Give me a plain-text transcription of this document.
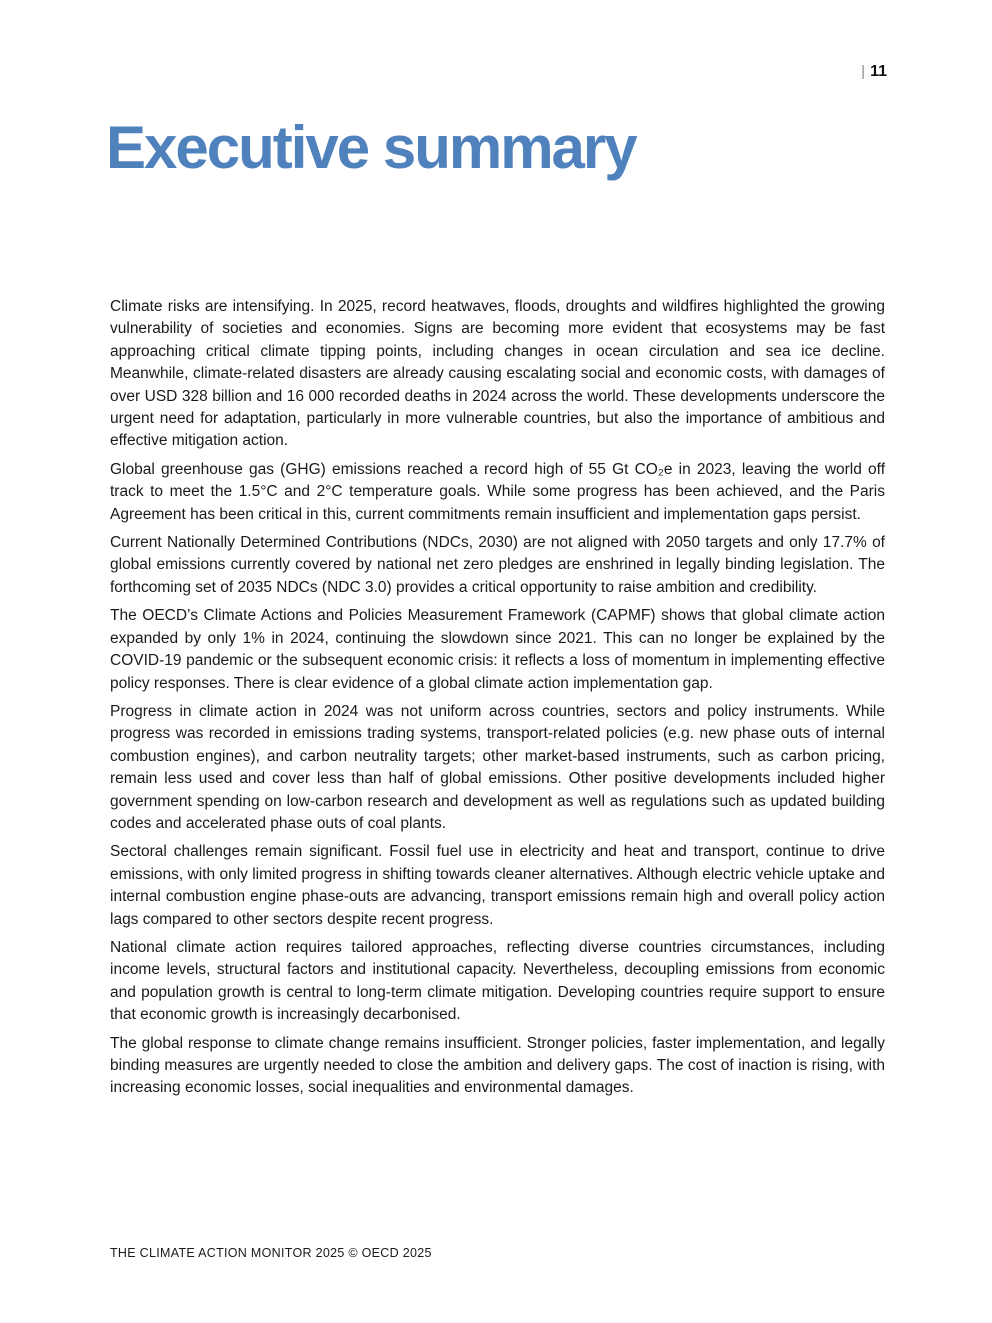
| 11
Executive summary

Climate risks are intensifying. In 2025, record heatwaves, floods, droughts and wildfires highlighted the growing vulnerability of societies and economies. Signs are becoming more evident that ecosystems may be fast approaching critical climate tipping points, including changes in ocean circulation and sea ice decline. Meanwhile, climate-related disasters are already causing escalating social and economic costs, with damages of over USD 328 billion and 16 000 recorded deaths in 2024 across the world. These developments underscore the urgent need for adaptation, particularly in more vulnerable countries, but also the importance of ambitious and effective mitigation action.

Global greenhouse gas (GHG) emissions reached a record high of 55 Gt CO₂e in 2023, leaving the world off track to meet the 1.5°C and 2°C temperature goals. While some progress has been achieved, and the Paris Agreement has been critical in this, current commitments remain insufficient and implementation gaps persist.

Current Nationally Determined Contributions (NDCs, 2030) are not aligned with 2050 targets and only 17.7% of global emissions currently covered by national net zero pledges are enshrined in legally binding legislation. The forthcoming set of 2035 NDCs (NDC 3.0) provides a critical opportunity to raise ambition and credibility.

The OECD’s Climate Actions and Policies Measurement Framework (CAPMF) shows that global climate action expanded by only 1% in 2024, continuing the slowdown since 2021. This can no longer be explained by the COVID-19 pandemic or the subsequent economic crisis: it reflects a loss of momentum in implementing effective policy responses. There is clear evidence of a global climate action implementation gap.

Progress in climate action in 2024 was not uniform across countries, sectors and policy instruments. While progress was recorded in emissions trading systems, transport-related policies (e.g. new phase outs of internal combustion engines), and carbon neutrality targets; other market-based instruments, such as carbon pricing, remain less used and cover less than half of global emissions. Other positive developments included higher government spending on low-carbon research and development as well as regulations such as updated building codes and accelerated phase outs of coal plants.

Sectoral challenges remain significant. Fossil fuel use in electricity and heat and transport, continue to drive emissions, with only limited progress in shifting towards cleaner alternatives. Although electric vehicle uptake and internal combustion engine phase-outs are advancing, transport emissions remain high and overall policy action lags compared to other sectors despite recent progress.

National climate action requires tailored approaches, reflecting diverse countries circumstances, including income levels, structural factors and institutional capacity. Nevertheless, decoupling emissions from economic and population growth is central to long-term climate mitigation. Developing countries require support to ensure that economic growth is increasingly decarbonised.

The global response to climate change remains insufficient. Stronger policies, faster implementation, and legally binding measures are urgently needed to close the ambition and delivery gaps. The cost of inaction is rising, with increasing economic losses, social inequalities and environmental damages.

THE CLIMATE ACTION MONITOR 2025 © OECD 2025
